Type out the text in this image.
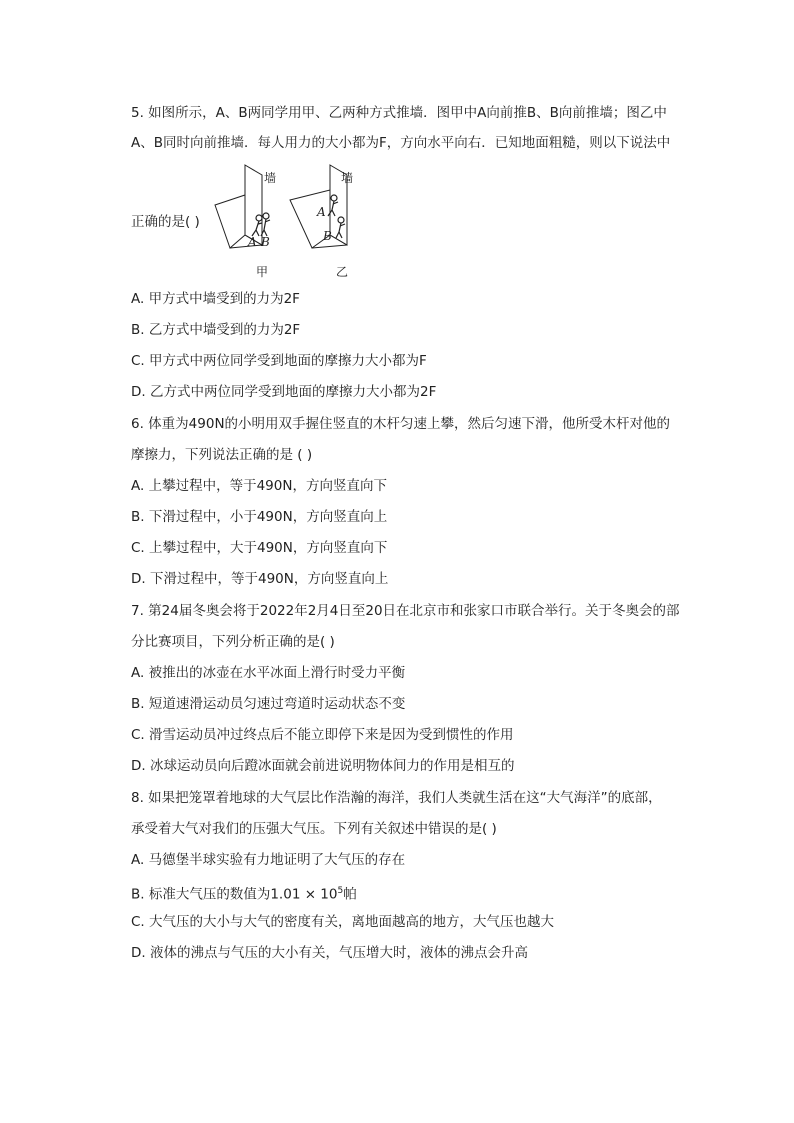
5. 如图所示，A、B两同学用甲、乙两种方式推墙．图甲中A向前推B、B向前推墙；图乙中
A、B同时向前推墙．每人用力的大小都为F，方向水平向右．已知地面粗糙，则以下说法中
正确的是( )
墙
A B
甲
墙
A
B
乙
A. 甲方式中墙受到的力为2F
B. 乙方式中墙受到的力为2F
C. 甲方式中两位同学受到地面的摩擦力大小都为F
D. 乙方式中两位同学受到地面的摩擦力大小都为2F
6. 体重为490N的小明用双手握住竖直的木杆匀速上攀，然后匀速下滑，他所受木杆对他的
摩擦力，下列说法正确的是 ( )
A. 上攀过程中，等于490N，方向竖直向下
B. 下滑过程中，小于490N，方向竖直向上
C. 上攀过程中，大于490N，方向竖直向下
D. 下滑过程中，等于490N，方向竖直向上
7. 第24届冬奥会将于2022年2月4日至20日在北京市和张家口市联合举行。关于冬奥会的部
分比赛项目，下列分析正确的是( )
A. 被推出的冰壶在水平冰面上滑行时受力平衡
B. 短道速滑运动员匀速过弯道时运动状态不变
C. 滑雪运动员冲过终点后不能立即停下来是因为受到惯性的作用
D. 冰球运动员向后蹬冰面就会前进说明物体间力的作用是相互的
8. 如果把笼罩着地球的大气层比作浩瀚的海洋，我们人类就生活在这“大气海洋”的底部，
承受着大气对我们的压强大气压。下列有关叙述中错误的是( )
A. 马德堡半球实验有力地证明了大气压的存在
B. 标准大气压的数值为$1.01 \times 10^5$帕
C. 大气压的大小与大气的密度有关，离地面越高的地方，大气压也越大
D. 液体的沸点与气压的大小有关，气压增大时，液体的沸点会升高
